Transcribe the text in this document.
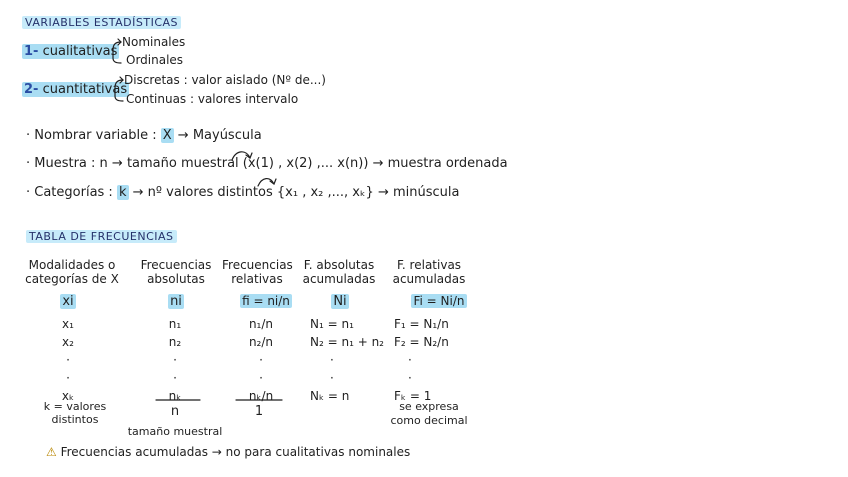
VARIABLES ESTADÍSTICAS
1- cualitativas
Nominales
Ordinales
2- cuantitativas
Discretas : valor aislado (Nº de...)
Continuas : valores intervalo
· Nombrar variable : X → Mayúscula
· Muestra : n → tamaño muestral (x(1) , x(2) ,... x(n)) → muestra ordenada
· Categorías : k → nº valores distintos {x₁ , x₂ ,..., xₖ} → minúscula
TABLA DE FRECUENCIAS
Modalidades o
categorías de X
xi
x₁
x₂
·
·
xₖ
k = valores
distintos
Frecuencias
absolutas
ni
n₁
n₂
·
·
nₖ
n
tamaño muestral
Frecuencias
relativas
fi = ni/n
n₁/n
n₂/n
·
·
nₖ/n
1
F. absolutas
acumuladas
Ni
N₁ = n₁
N₂ = n₁ + n₂
·
·
Nₖ = n
F. relativas
acumuladas
Fi = Ni/n
F₁ = N₁/n
F₂ = N₂/n
·
·
Fₖ = 1
se expresa
como decimal
⚠ Frecuencias acumuladas → no para cualitativas nominales
